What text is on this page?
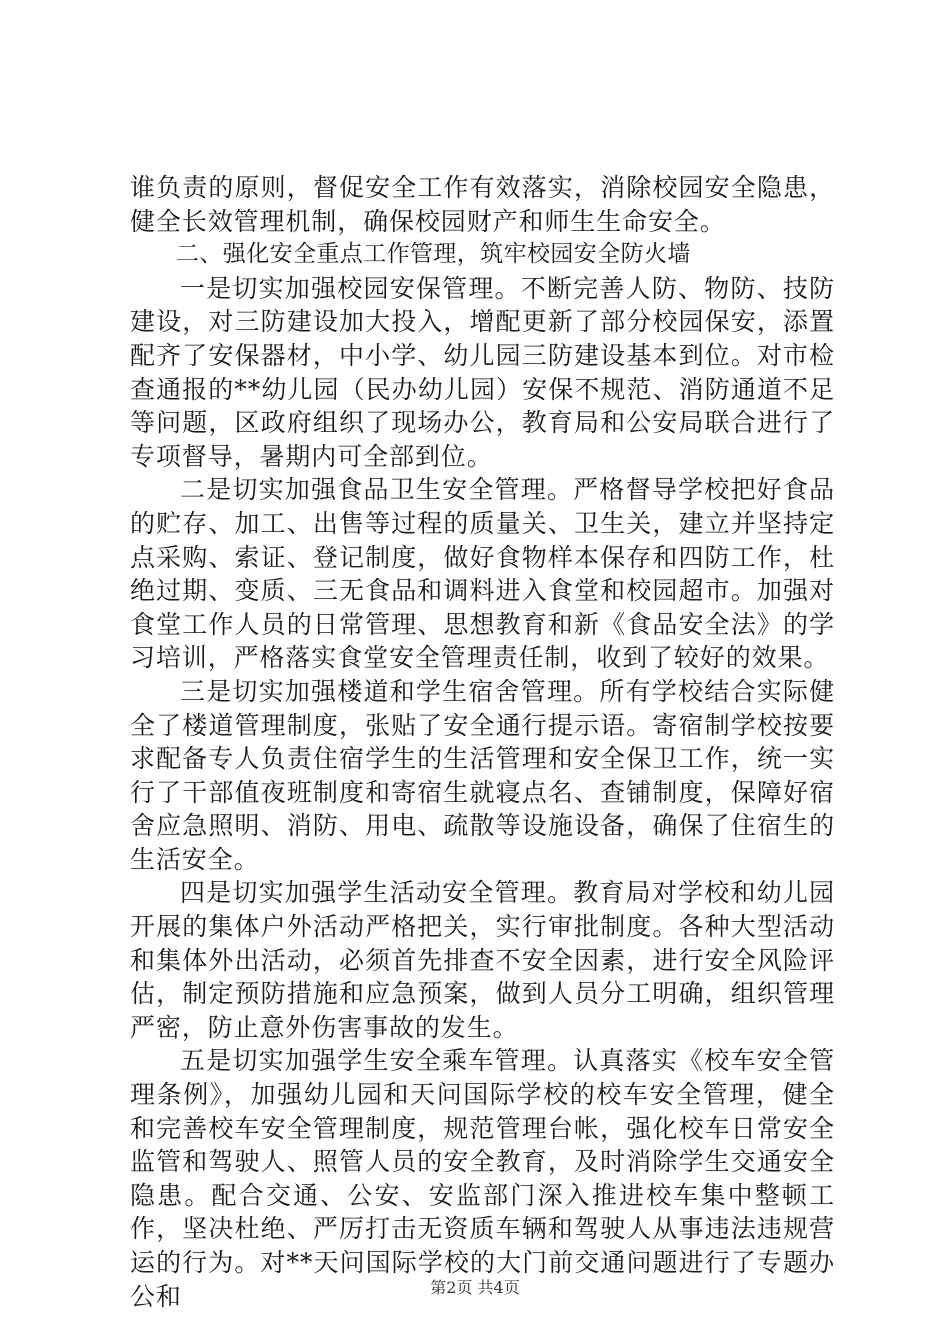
谁负责的原则，督促安全工作有效落实，消除校园安全隐患，健全长效管理机制，确保校园财产和师生生命安全。

二、强化安全重点工作管理，筑牢校园安全防火墙

一是切实加强校园安保管理。不断完善人防、物防、技防建设，对三防建设加大投入，增配更新了部分校园保安，添置配齐了安保器材，中小学、幼儿园三防建设基本到位。对市检查通报的**幼儿园（民办幼儿园）安保不规范、消防通道不足等问题，区政府组织了现场办公，教育局和公安局联合进行了专项督导，暑期内可全部到位。

二是切实加强食品卫生安全管理。严格督导学校把好食品的贮存、加工、出售等过程的质量关、卫生关，建立并坚持定点采购、索证、登记制度，做好食物样本保存和四防工作，杜绝过期、变质、三无食品和调料进入食堂和校园超市。加强对食堂工作人员的日常管理、思想教育和新《食品安全法》的学习培训，严格落实食堂安全管理责任制，收到了较好的效果。

三是切实加强楼道和学生宿舍管理。所有学校结合实际健全了楼道管理制度，张贴了安全通行提示语。寄宿制学校按要求配备专人负责住宿学生的生活管理和安全保卫工作，统一实行了干部值夜班制度和寄宿生就寝点名、查铺制度，保障好宿舍应急照明、消防、用电、疏散等设施设备，确保了住宿生的生活安全。

四是切实加强学生活动安全管理。教育局对学校和幼儿园开展的集体户外活动严格把关，实行审批制度。各种大型活动和集体外出活动，必须首先排查不安全因素，进行安全风险评估，制定预防措施和应急预案，做到人员分工明确，组织管理严密，防止意外伤害事故的发生。

五是切实加强学生安全乘车管理。认真落实《校车安全管理条例》，加强幼儿园和天问国际学校的校车安全管理，健全和完善校车安全管理制度，规范管理台帐，强化校车日常安全监管和驾驶人、照管人员的安全教育，及时消除学生交通安全隐患。配合交通、公安、安监部门深入推进校车集中整顿工作，坚决杜绝、严厉打击无资质车辆和驾驶人从事违法违规营运的行为。对**天问国际学校的大门前交通问题进行了专题办公和	第2页 共4页
